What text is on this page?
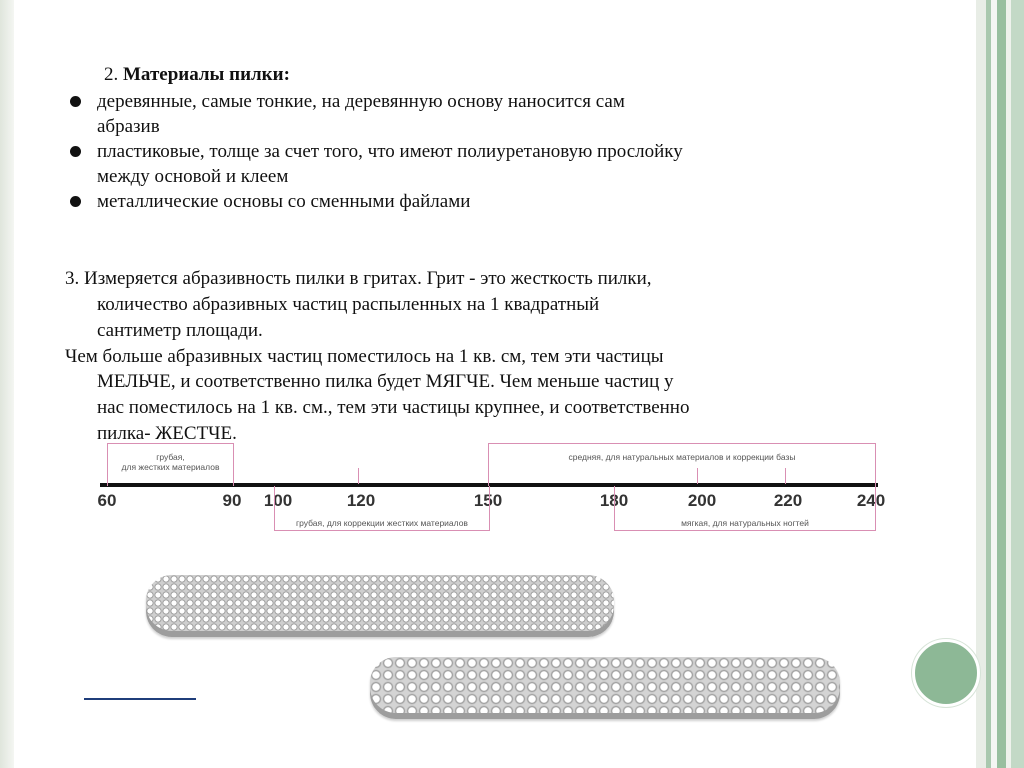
2. Материалы пилки:
деревянные, самые тонкие, на деревянную основу наносится сам
абразив
пластиковые, толще за счет того, что имеют полиуретановую прослойку
между основой и клеем
металлические основы со сменными файлами
3. Измеряется абразивность пилки в гритах. Грит - это жесткость пилки,
количество абразивных частиц распыленных на 1 квадратный
сантиметр площади.
Чем больше абразивных частиц поместилось на 1 кв. см, тем эти частицы
МЕЛЬЧЕ, и соответственно пилка будет МЯГЧЕ. Чем меньше частиц у
нас поместилось на 1 кв. см., тем эти частицы крупнее, и соответственно
пилка- ЖЕСТЧЕ.
60	90	100	120	150	180	200	220	240
грубая,
для жестких материалов
грубая, для коррекции жестких материалов
средняя, для натуральных материалов и коррекции базы
мягкая, для натуральных ногтей
